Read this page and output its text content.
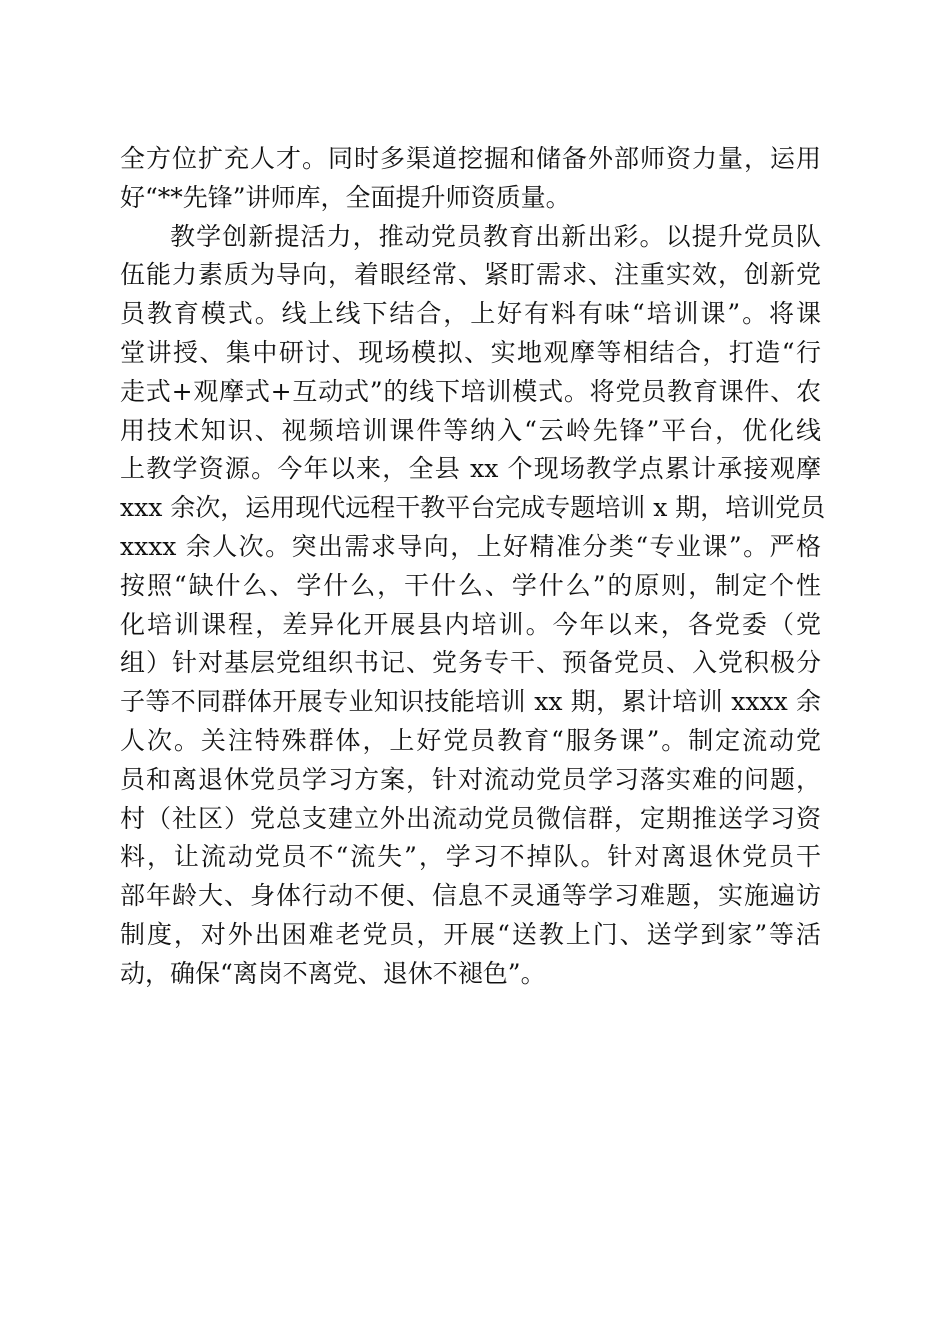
全方位扩充人才。同时多渠道挖掘和储备外部师资力量，运用
好“**先锋”讲师库，全面提升师资质量。
教学创新提活力，推动党员教育出新出彩。以提升党员队
伍能力素质为导向，着眼经常、紧盯需求、注重实效，创新党
员教育模式。线上线下结合，上好有料有味“培训课”。将课
堂讲授、集中研讨、现场模拟、实地观摩等相结合，打造“行
走式+观摩式+互动式”的线下培训模式。将党员教育课件、农
用技术知识、视频培训课件等纳入“云岭先锋”平台，优化线
上教学资源。今年以来，全县 xx 个现场教学点累计承接观摩
xxx 余次，运用现代远程干教平台完成专题培训 x 期，培训党员
xxxx 余人次。突出需求导向，上好精准分类“专业课”。严格
按照“缺什么、学什么，干什么、学什么”的原则，制定个性
化培训课程，差异化开展县内培训。今年以来，各党委（党
组）针对基层党组织书记、党务专干、预备党员、入党积极分
子等不同群体开展专业知识技能培训 xx 期，累计培训 xxxx 余
人次。关注特殊群体，上好党员教育“服务课”。制定流动党
员和离退休党员学习方案，针对流动党员学习落实难的问题，
村（社区）党总支建立外出流动党员微信群，定期推送学习资
料，让流动党员不“流失”，学习不掉队。针对离退休党员干
部年龄大、身体行动不便、信息不灵通等学习难题，实施遍访
制度，对外出困难老党员，开展“送教上门、送学到家”等活
动，确保“离岗不离党、退休不褪色”。
